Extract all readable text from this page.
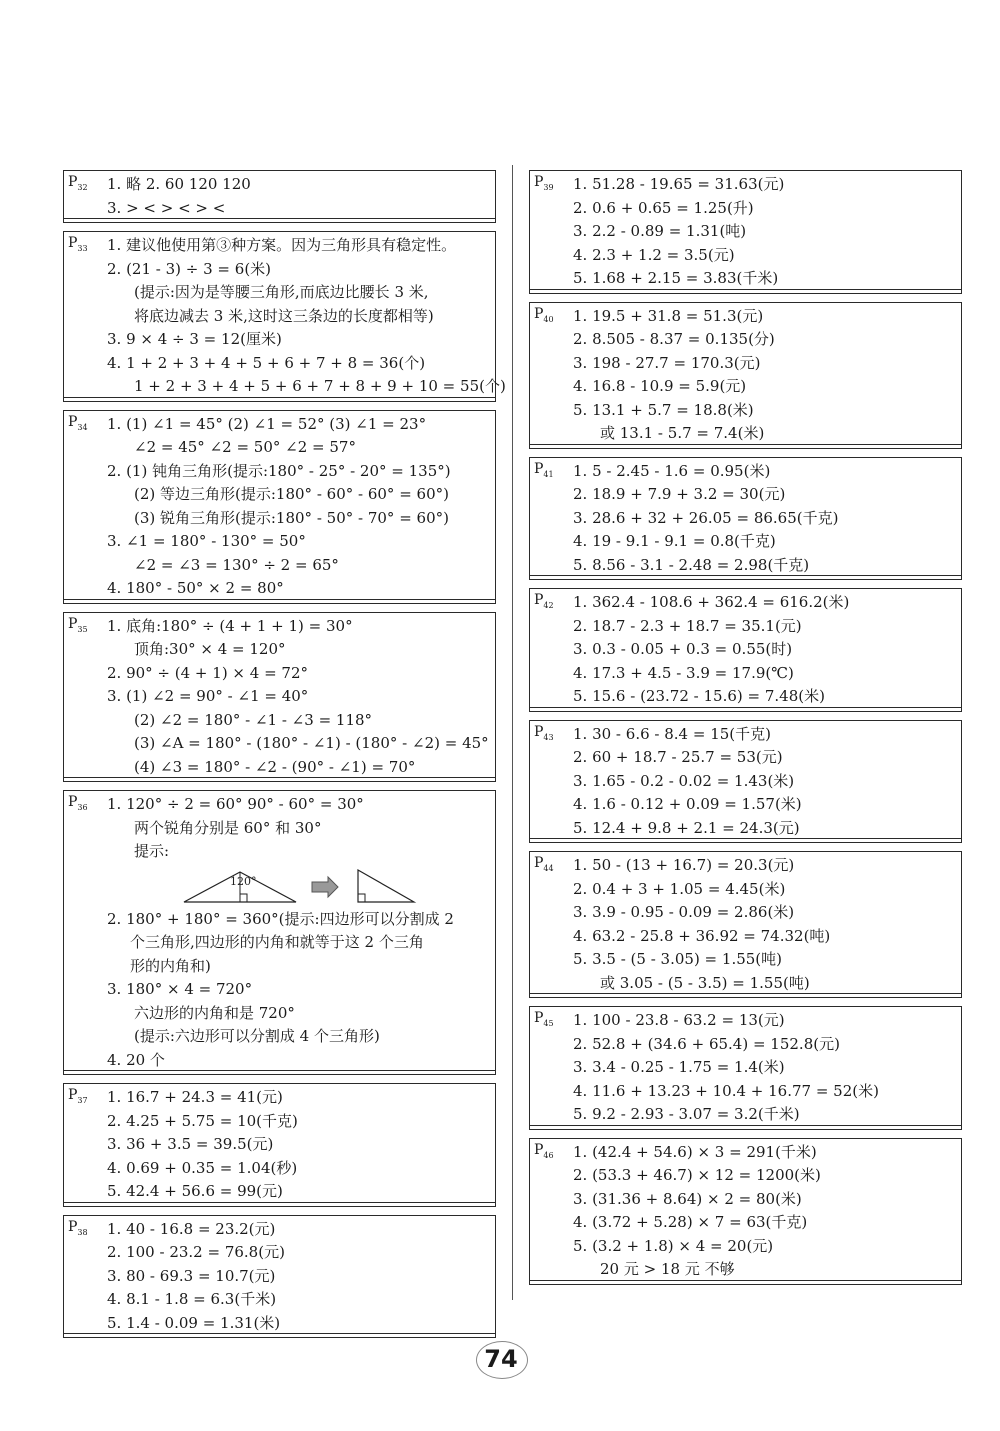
$P_{32}$	1. 略 2. 60 120 120
3. > < > < > <
$P_{33}$	1. 建议他使用第③种方案。因为三角形具有稳定性。
2. (21 - 3) ÷ 3 = 6(米)
(提示:因为是等腰三角形,而底边比腰长 3 米,
将底边减去 3 米,这时这三条边的长度都相等)
3. 9 × 4 ÷ 3 = 12(厘米)
4. 1 + 2 + 3 + 4 + 5 + 6 + 7 + 8 = 36(个)
1 + 2 + 3 + 4 + 5 + 6 + 7 + 8 + 9 + 10 = 55(个)
$P_{34}$	1. (1) ∠1 = 45° (2) ∠1 = 52° (3) ∠1 = 23°
∠2 = 45° ∠2 = 50° ∠2 = 57°
2. (1) 钝角三角形(提示:180° - 25° - 20° = 135°)
(2) 等边三角形(提示:180° - 60° - 60° = 60°)
(3) 锐角三角形(提示:180° - 50° - 70° = 60°)
3. ∠1 = 180° - 130° = 50°
∠2 = ∠3 = 130° ÷ 2 = 65°
4. 180° - 50° × 2 = 80°
$P_{35}$	1. 底角:180° ÷ (4 + 1 + 1) = 30°
顶角:30° × 4 = 120°
2. 90° ÷ (4 + 1) × 4 = 72°
3. (1) ∠2 = 90° - ∠1 = 40°
(2) ∠2 = 180° - ∠1 - ∠3 = 118°
(3) ∠A = 180° - (180° - ∠1) - (180° - ∠2) = 45°
(4) ∠3 = 180° - ∠2 - (90° - ∠1) = 70°
$P_{36}$	1. 120° ÷ 2 = 60° 90° - 60° = 30°
两个锐角分别是 60° 和 30°
提示:
120°
2. 180° + 180° = 360°(提示:四边形可以分割成 2
个三角形,四边形的内角和就等于这 2 个三角
形的内角和)
3. 180° × 4 = 720°
六边形的内角和是 720°
(提示:六边形可以分割成 4 个三角形)
4. 20 个
$P_{37}$	1. 16.7 + 24.3 = 41(元)
2. 4.25 + 5.75 = 10(千克)
3. 36 + 3.5 = 39.5(元)
4. 0.69 + 0.35 = 1.04(秒)
5. 42.4 + 56.6 = 99(元)
$P_{38}$	1. 40 - 16.8 = 23.2(元)
2. 100 - 23.2 = 76.8(元)
3. 80 - 69.3 = 10.7(元)
4. 8.1 - 1.8 = 6.3(千米)
5. 1.4 - 0.09 = 1.31(米)
$P_{39}$	1. 51.28 - 19.65 = 31.63(元)
2. 0.6 + 0.65 = 1.25(升)
3. 2.2 - 0.89 = 1.31(吨)
4. 2.3 + 1.2 = 3.5(元)
5. 1.68 + 2.15 = 3.83(千米)
$P_{40}$	1. 19.5 + 31.8 = 51.3(元)
2. 8.505 - 8.37 = 0.135(分)
3. 198 - 27.7 = 170.3(元)
4. 16.8 - 10.9 = 5.9(元)
5. 13.1 + 5.7 = 18.8(米)
或 13.1 - 5.7 = 7.4(米)
$P_{41}$	1. 5 - 2.45 - 1.6 = 0.95(米)
2. 18.9 + 7.9 + 3.2 = 30(元)
3. 28.6 + 32 + 26.05 = 86.65(千克)
4. 19 - 9.1 - 9.1 = 0.8(千克)
5. 8.56 - 3.1 - 2.48 = 2.98(千克)
$P_{42}$	1. 362.4 - 108.6 + 362.4 = 616.2(米)
2. 18.7 - 2.3 + 18.7 = 35.1(元)
3. 0.3 - 0.05 + 0.3 = 0.55(时)
4. 17.3 + 4.5 - 3.9 = 17.9(℃)
5. 15.6 - (23.72 - 15.6) = 7.48(米)
$P_{43}$	1. 30 - 6.6 - 8.4 = 15(千克)
2. 60 + 18.7 - 25.7 = 53(元)
3. 1.65 - 0.2 - 0.02 = 1.43(米)
4. 1.6 - 0.12 + 0.09 = 1.57(米)
5. 12.4 + 9.8 + 2.1 = 24.3(元)
$P_{44}$	1. 50 - (13 + 16.7) = 20.3(元)
2. 0.4 + 3 + 1.05 = 4.45(米)
3. 3.9 - 0.95 - 0.09 = 2.86(米)
4. 63.2 - 25.8 + 36.92 = 74.32(吨)
5. 3.5 - (5 - 3.05) = 1.55(吨)
或 3.05 - (5 - 3.5) = 1.55(吨)
$P_{45}$	1. 100 - 23.8 - 63.2 = 13(元)
2. 52.8 + (34.6 + 65.4) = 152.8(元)
3. 3.4 - 0.25 - 1.75 = 1.4(米)
4. 11.6 + 13.23 + 10.4 + 16.77 = 52(米)
5. 9.2 - 2.93 - 3.07 = 3.2(千米)
$P_{46}$	1. (42.4 + 54.6) × 3 = 291(千米)
2. (53.3 + 46.7) × 12 = 1200(米)
3. (31.36 + 8.64) × 2 = 80(米)
4. (3.72 + 5.28) × 7 = 63(千克)
5. (3.2 + 1.8) × 4 = 20(元)
20 元 > 18 元 不够
74
